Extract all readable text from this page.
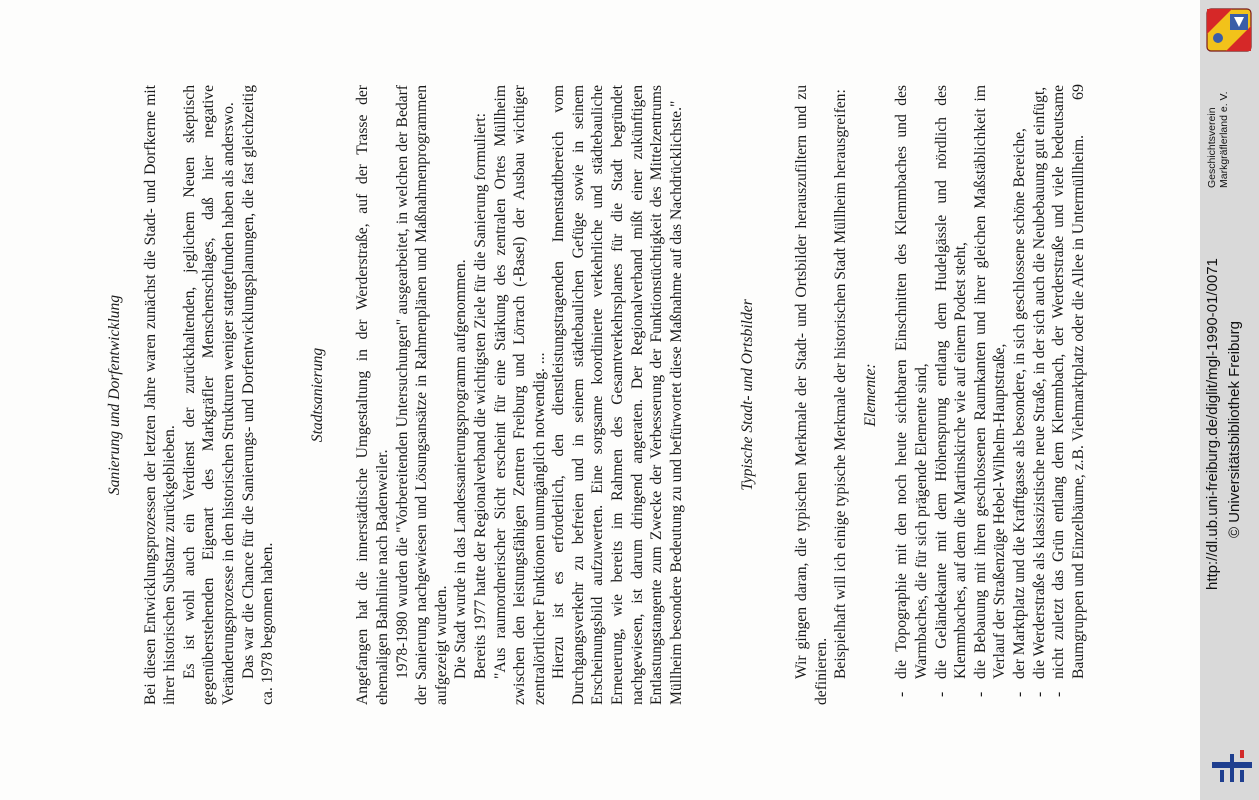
Sanierung und Dorfentwicklung Bei diesen Entwicklungsprozessen der letzten Jahre waren zunächst die Stadt- und Dorfkerne mit ihrer historischen Substanz zurückgeblieben. Es ist wohl auch ein Verdienst der zurückhaltenden, jeglichem Neuen skeptisch gegenüberstehenden Eigenart des Markgräfler Menschenschlages, daß hier negative Veränderungsprozesse in den historischen Strukturen weniger stattgefunden haben als anderswo. Das war die Chance für die Sanierungs- und Dorfentwicklungsplanungen, die fast gleichzeitig ca. 1978 begonnen haben.

Stadtsanierung Angefangen hat die innerstädtische Umgestaltung in der Werderstraße, auf der Trasse der ehemaligen Bahnlinie nach Badenweiler. 1978-1980 wurden die "Vorbereitenden Untersuchungen" ausgearbeitet, in welchen der Bedarf der Sanierung nachgewiesen und Lösungsansätze in Rahmenplänen und Maßnahmenprogrammen aufgezeigt wurden. Die Stadt wurde in das Landessanierungsprogramm aufgenommen. Bereits 1977 hatte der Regionalverband die wichtigsten Ziele für die Sanierung formuliert: "Aus raumordnerischer Sicht erscheint für eine Stärkung des zentralen Ortes Müllheim zwischen den leistungsfähigen Zentren Freiburg und Lörrach (-Basel) der Ausbau wichtiger zentralörtlicher Funktionen unumgänglich notwendig. ... Hierzu ist es erforderlich, den dienstleistungstragenden Innenstadtbereich vom Durchgangsverkehr zu befreien und in seinem städtebaulichen Gefüge sowie in seinem Erscheinungsbild aufzuwerten. Eine sorgsame koordinierte verkehrliche und städtebauliche Erneuerung, wie bereits im Rahmen des Gesamtverkehrsplanes für die Stadt begründet nachgewiesen, ist darum dringend angeraten. Der Regionalverband mißt einer zukünftigen Entlastungstangente zum Zwecke der Verbesserung der Funktionstüchtigkeit des Mittelzentrums Müllheim besondere Bedeutung zu und befürwortet diese Maßnahme auf das Nachdrücklichste."	Typische Stadt- und Ortsbilder Wir gingen daran, die typischen Merkmale der Stadt- und Ortsbilder herauszufiltern und zu definieren. Beispielhaft will ich einige typische Merkmale der historischen Stadt Müllheim herausgreifen: Elemente: - die Topographie mit den noch heute sichtbaren Einschnitten des Klemmbaches und des Warmbaches, die für sich prägende Elemente sind, - die Geländekante mit dem Höhensprung entlang dem Hudelgässle und nördlich des Klemmbaches, auf dem die Martinskirche wie auf einem Podest steht, - die Bebauung mit ihren geschlossenen Raumkanten und ihrer gleichen Maßstäblichkeit im Verlauf der Straßenzüge Hebel-Wilhelm-Hauptstraße, - der Marktplatz und die Krafftgasse als besondere, in sich geschlossene schöne Bereiche, - die Werderstraße als klassizistische neue Straße, in der sich auch die Neubebauung gut einfügt, - nicht zuletzt das Grün entlang dem Klemmbach, der Werderstraße und viele bedeutsame Baumgruppen und Einzelbäume, z.B. Viehmarktplatz oder die Allee in Untermüllheim.
69
http://dl.ub.uni-freiburg.de/diglit/mgl-1990-01/0071 © Universitätsbibliothek Freiburg
Geschichtsverein Markgräflerland e. V.
